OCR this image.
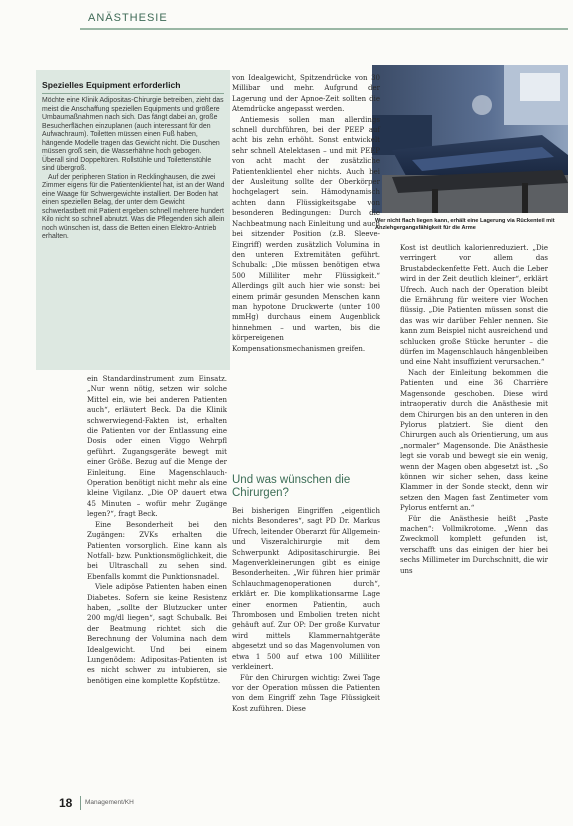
ANÄSTHESIE
Spezielles Equipment erforderlich

Möchte eine Klinik Adipositas-Chirurgie betreiben, zieht das meist die Anschaffung speziellen Equipments und größere Umbaumaßnahmen nach sich. Das fängt dabei an, große Besucherflächen einzuplanen (auch interessant für den Aufwachraum). Toiletten müssen einen Fuß haben, hängende Modelle tragen das Gewicht nicht. Die Duschen müssen groß sein, die Wasserhähne hoch gebogen. Überall sind Doppeltüren. Rollstühle und Toilettenstühle sind übergroß.

Auf der peripheren Station in Recklinghausen, die zwei Zimmer eigens für die Patientenklientel hat, ist an der Wand eine Waage für Schwergewichte installiert. Der Boden hat einen speziellen Belag, der unter dem Gewicht schwerlastbett mit Patient ergeben schnell mehrere hundert Kilo nicht so schnell abnutzt. Was die Pflegenden sich allein noch wünschen ist, dass die Betten einen Elektro-Antrieb erhalten.

Wer nicht flach liegen kann, erhält eine Lagerung via Rückenteil mit Anziehgergangsfähigkeit für die Arme

ein Standardinstrument zum Einsatz. „Nur wenn nötig, setzen wir solche Mittel ein, wie bei anderen Patienten auch“, erläutert Beck. Da die Klinik schwerwiegend-Fakten ist, erhalten die Patienten vor der Entlassung eine Dosis oder einen Viggo Wehrpfl geführt. Zugangsgeräte bewegt mit einer Größe. Bezug auf die Menge der Einleitung. Eine Magenschlauch-Operation benötigt nicht mehr als eine kleine Vigilanz. „Die OP dauert etwa 45 Minuten – wofür mehr Zugänge legen?“, fragt Beck.

Eine Besonderheit bei den Zugängen: ZVKs erhalten die Patienten vorsorglich. Eine kann als Notfall- bzw. Punktionsmöglichkeit, die bei Ultraschall zu sehen sind. Ebenfalls kommt die Punktionsnadel.

Viele adipöse Patienten haben einen Diabetes. Sofern sie keine Resistenz haben, „sollte der Blutzucker unter 200 mg/dl liegen“, sagt Schubalk. Bei der Beatmung richtet sich die Berechnung der Volumina nach dem Idealgewicht. Und bei einem Lungenödem: Adipositas-Patienten ist es nicht schwer zu intubieren, sie benötigen eine komplette Kopfstütze.

von Idealgewicht, Spitzendrücke von 30 Millibar und mehr. Aufgrund der Lagerung und der Apnoe-Zeit sollten die Atemdrücke angepasst werden.

Antiemesis sollen man allerdings schnell durchführen, bei der PEEP auf acht bis zehn erhöht. Sonst entwickelt sehr schnell Atelektasen – und mit PEEP von acht macht der zusätzliche Patientenklientel eher nichts. Auch bei der Ausleitung sollte der Oberkörper hochgelagert sein. Hämodynamisch achten dann Flüssigkeitsgabe von besonderen Bedingungen: Durch die Nachbeatmung nach Einleitung und auch bei sitzender Position (z.B. Sleeve-Eingriff) werden zusätzlich Volumina in den unteren Extremitäten geführt. Schubalk: „Die müssen benötigen etwa 500 Milliliter mehr Flüssigkeit.“ Allerdings gilt auch hier wie sonst: bei einem primär gesunden Menschen kann man hypotone Druckwerte (unter 100 mmHg) durchaus einem Augenblick hinnehmen – und warten, bis die körpereigenen Kompensationsmechanismen greifen.

Und was wünschen die Chirurgen?

Bei bisherigen Eingriffen „eigentlich nichts Besonderes“, sagt PD Dr. Markus Ufrech, leitender Oberarzt für Allgemein- und Viszeralchirurgie mit dem Schwerpunkt Adipositaschirurgie. Bei Magenverkleinerungen gibt es einige Besonderheiten. „Wir führen hier primär Schlauchmagenoperationen durch“, erklärt er. Die komplikationsarme Lage einer enormen Patientin, auch Thrombosen und Embolien treten nicht gehäuft auf. Zur OP: Der große Kurvatur wird mittels Klammernahtgeräte abgesetzt und so das Magenvolumen von etwa 1 500 auf etwa 100 Milliliter verkleinert.

Für den Chirurgen wichtig: Zwei Tage vor der Operation müssen die Patienten von dem Eingriff zehn Tage Flüssigkeit Kost zuführen. Diese

Kost ist deutlich kalorienreduziert. „Die verringert vor allem das Brustabdeckenfette Fett. Auch die Leber wird in der Zeit deutlich kleiner“, erklärt Ufrech. Auch nach der Operation bleibt die Ernährung für weitere vier Wochen flüssig. „Die Patienten müssen sonst die das was wir darüber Fehler nennen. Sie kann zum Beispiel nicht ausreichend und schlucken große Stücke herunter – die dürfen im Magenschlauch hängenbleiben und eine Naht insuffizient verursachen.“

Nach der Einleitung bekommen die Patienten und eine 36 Charrière Magensonde geschoben. Diese wird intraoperativ durch die Anästhesie mit dem Chirurgen bis an den unteren in den Pylorus platziert. Sie dient den Chirurgen auch als Orientierung, um aus „normaler“ Magensonde. Die Anästhesie legt sie vorab und bewegt sie ein wenig, wenn der Magen oben abgesetzt ist. „So können wir sicher sehen, dass keine Klammer in der Sonde steckt, denn wir setzen den Magen fast Zentimeter vom Pylorus entfernt an.“

Für die Anästhesie heißt „Paste machen“: Vollmikrotome. „Wenn das Zweckmoll komplett gefunden ist, verschafft uns das einigen der hier bei sechs Millimeter im Durchschnitt, die wir uns

18 Management/KH
